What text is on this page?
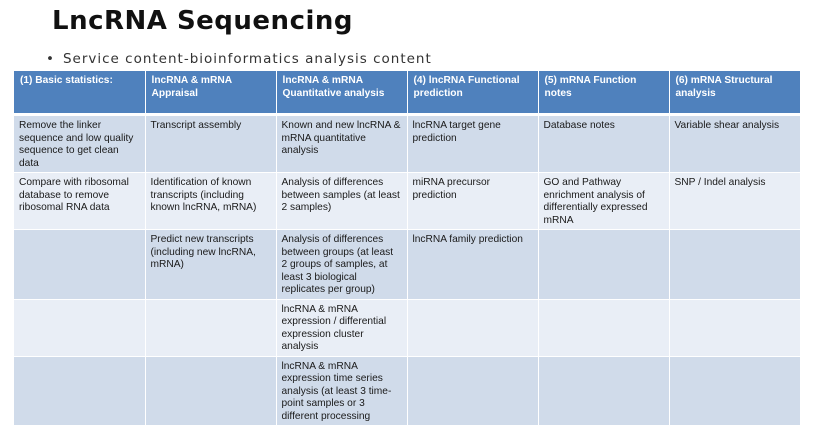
LncRNA Sequencing
• Service content-bioinformatics analysis content
(1) Basic statistics:	lncRNA & mRNA Appraisal	lncRNA & mRNA Quantitative analysis	(4) lncRNA Functional prediction	(5) mRNA Function notes	(6) mRNA Structural analysis
Remove the linker sequence and low quality sequence to get clean data	Transcript assembly	Known and new lncRNA & mRNA quantitative analysis	lncRNA target gene prediction	Database notes	Variable shear analysis
Compare with ribosomal database to remove ribosomal RNA data	Identification of known transcripts (including known lncRNA, mRNA)	Analysis of differences between samples (at least 2 samples)	miRNA precursor prediction	GO and Pathway enrichment analysis of differentially expressed mRNA	SNP / Indel analysis
	Predict new transcripts (including new lncRNA, mRNA)	Analysis of differences between groups (at least 2 groups of samples, at least 3 biological replicates per group)	lncRNA family prediction		
		lncRNA & mRNA expression / differential expression cluster analysis			
		lncRNA & mRNA expression time series analysis (at least 3 time-point samples or 3 different processing			
